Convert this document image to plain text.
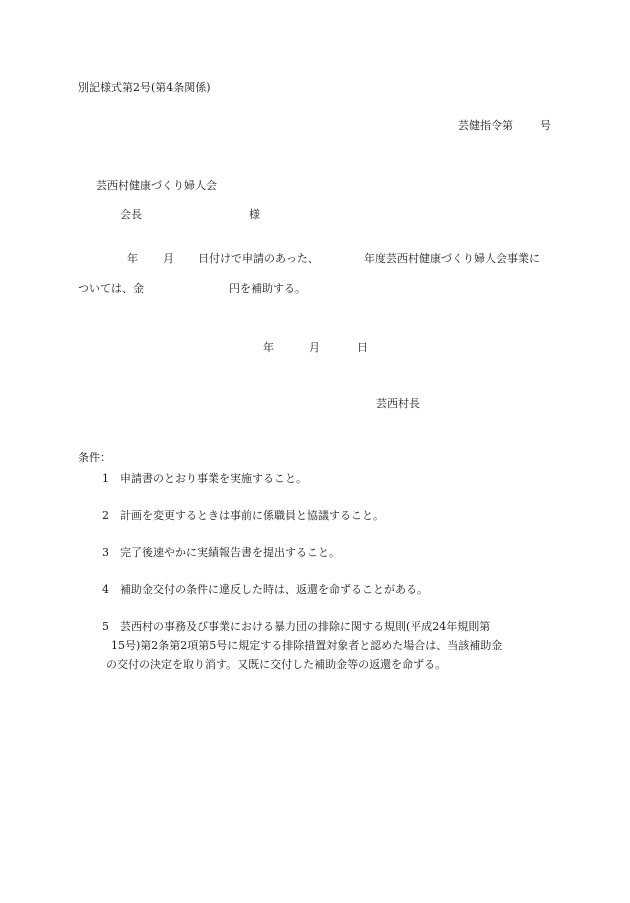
別記様式第2号(第4条関係)
芸健指令第 号
芸西村健康づくり婦人会
会長	様
年 月 日付けで申請のあった、	年度芸西村健康づくり婦人会事業に
ついては、金	円を補助する。
年	月	日
芸西村長
条件：
1 申請書のとおり事業を実施すること。
2 計画を変更するときは事前に係職員と協議すること。
3 完了後速やかに実績報告書を提出すること。
4 補助金交付の条件に違反した時は、返還を命ずることがある。
5 芸西村の事務及び事業における暴力団の排除に関する規則(平成24年規則第
15号)第2条第2項第5号に規定する排除措置対象者と認めた場合は、当該補助金
の交付の決定を取り消す。又既に交付した補助金等の返還を命ずる。
